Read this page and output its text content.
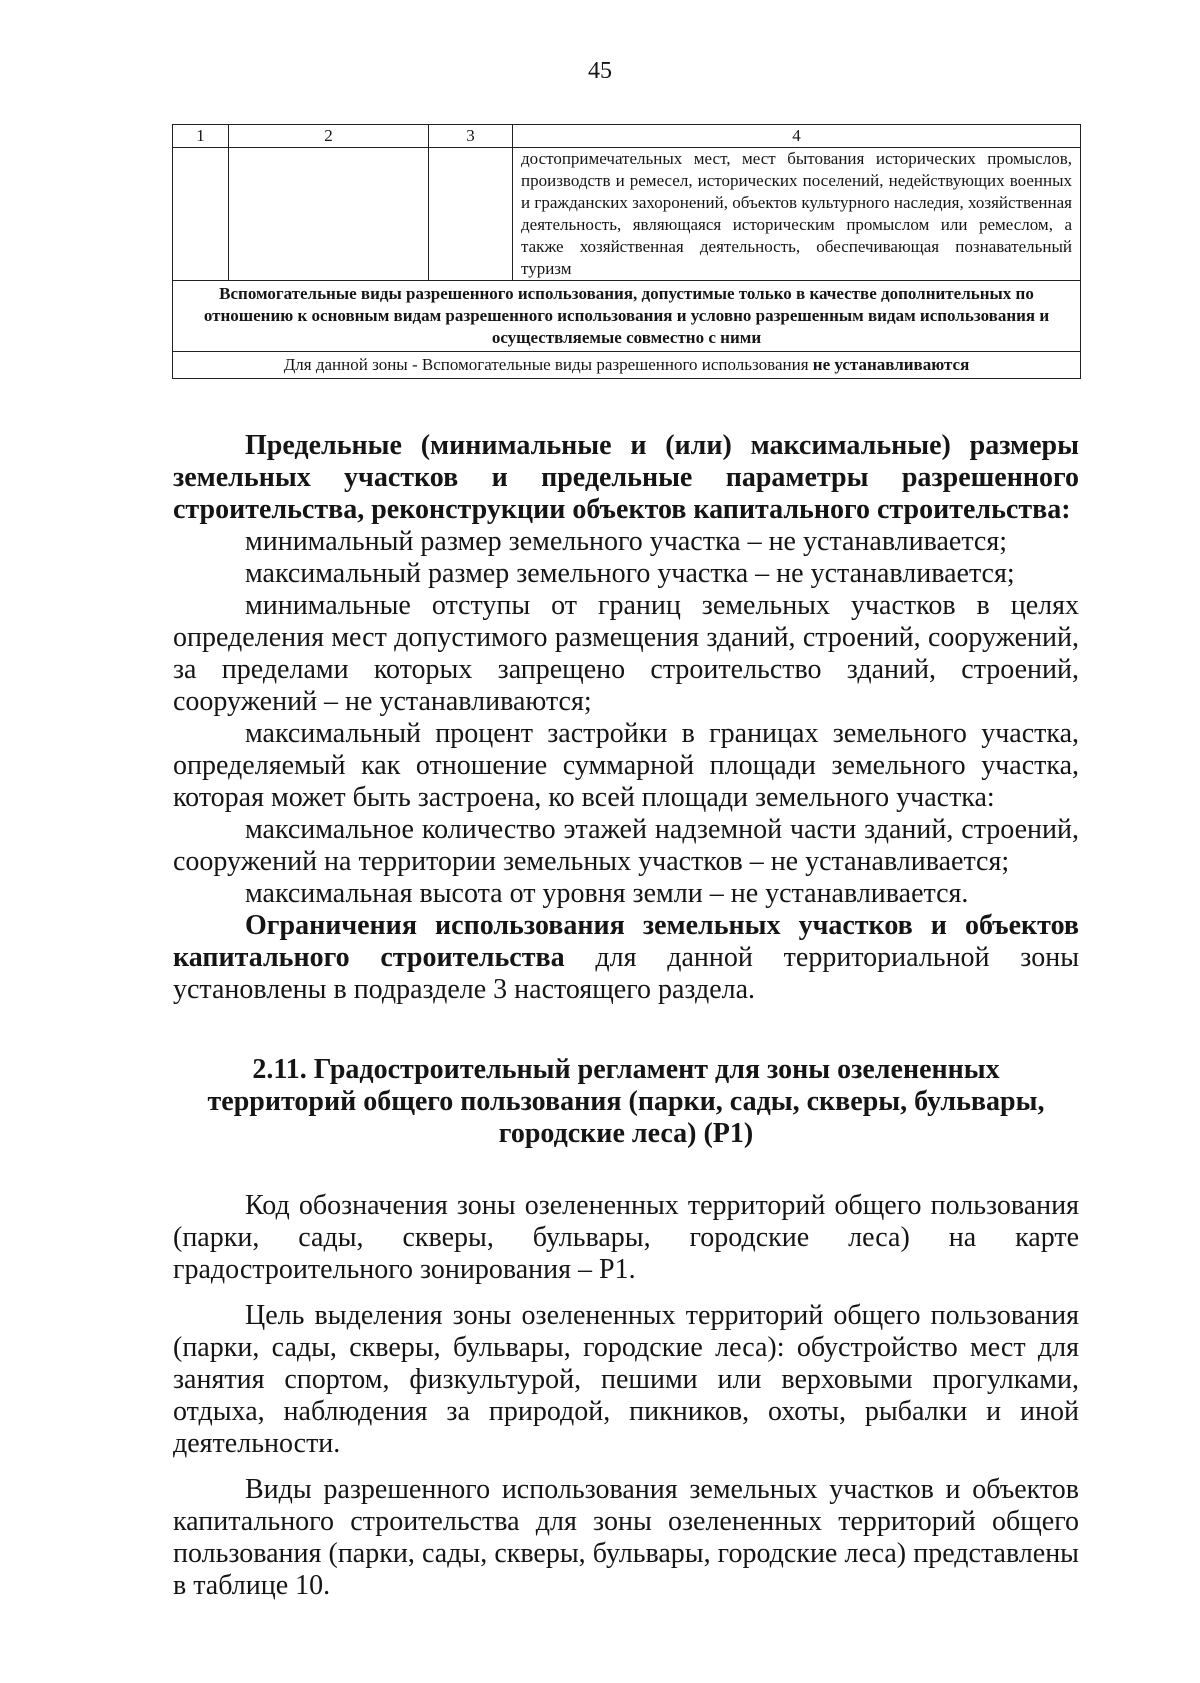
45
1	2	3	4
			достопримечательных мест, мест бытования исторических промыслов, производств и ремесел, исторических поселений, недействующих военных и гражданских захоронений, объектов культурного наследия, хозяйственная деятельность, являющаяся историческим промыслом или ремеслом, а также хозяйственная деятельность, обеспечивающая познавательный туризм
Вспомогательные виды разрешенного использования, допустимые только в качестве дополнительных по отношению к основным видам разрешенного использования и условно разрешенным видам использования и осуществляемые совместно с ними			
Для данной зоны - Вспомогательные виды разрешенного использования не устанавливаются			

Предельные (минимальные и (или) максимальные) размеры земельных участков и предельные параметры разрешенного строительства, реконструкции объектов капитального строительства:

минимальный размер земельного участка – не устанавливается;

максимальный размер земельного участка – не устанавливается;

минимальные отступы от границ земельных участков в целях определения мест допустимого размещения зданий, строений, сооружений, за пределами которых запрещено строительство зданий, строений, сооружений – не устанавливаются;

максимальный процент застройки в границах земельного участка, определяемый как отношение суммарной площади земельного участка, которая может быть застроена, ко всей площади земельного участка:

максимальное количество этажей надземной части зданий, строений, сооружений на территории земельных участков – не устанавливается;

максимальная высота от уровня земли – не устанавливается.

Ограничения использования земельных участков и объектов капитального строительства для данной территориальной зоны установлены в подразделе 3 настоящего раздела.

2.11. Градостроительный регламент для зоны озелененных
территорий общего пользования (парки, сады, скверы, бульвары,
городские леса) (Р1)

Код обозначения зоны озелененных территорий общего пользования (парки, сады, скверы, бульвары, городские леса) на карте градостроительного зонирования – Р1.

Цель выделения зоны озелененных территорий общего пользования (парки, сады, скверы, бульвары, городские леса): обустройство мест для занятия спортом, физкультурой, пешими или верховыми прогулками, отдыха, наблюдения за природой, пикников, охоты, рыбалки и иной деятельности.

Виды разрешенного использования земельных участков и объектов капитального строительства для зоны озелененных территорий общего пользования (парки, сады, скверы, бульвары, городские леса) представлены в таблице 10.
